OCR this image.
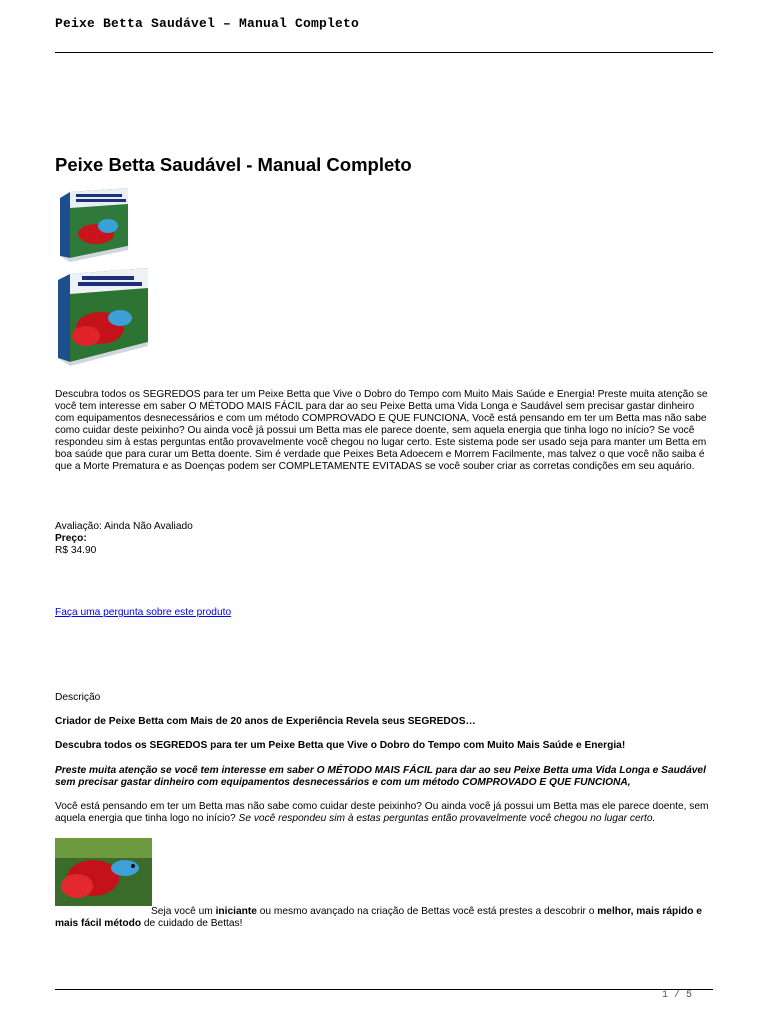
Peixe Betta Saudável – Manual Completo
Peixe Betta Saudável - Manual Completo
Descubra todos os SEGREDOS para ter um Peixe Betta que Vive o Dobro do Tempo com Muito Mais Saúde e Energia! Preste muita atenção se você tem interesse em saber O MÉTODO MAIS FÁCIL para dar ao seu Peixe Betta uma Vida Longa e Saudável sem precisar gastar dinheiro com equipamentos desnecessários e com um método COMPROVADO E QUE FUNCIONA, Você está pensando em ter um Betta mas não sabe como cuidar deste peixinho? Ou ainda você já possui um Betta mas ele parece doente, sem aquela energia que tinha logo no início? Se você respondeu sim à estas perguntas então provavelmente você chegou no lugar certo. Este sistema pode ser usado seja para manter um Betta em boa saúde que para curar um Betta doente. Sim é verdade que Peixes Beta Adoecem e Morrem Facilmente, mas talvez o que você não saiba é que a Morte Prematura e as Doenças podem ser COMPLETAMENTE EVITADAS se você souber criar as corretas condições em seu aquário.
Avaliação: Ainda Não Avaliado
Preço:
R$ 34.90
Faça uma pergunta sobre este produto
Descrição
Criador de Peixe Betta com Mais de 20 anos de Experiência Revela seus SEGREDOS…
Descubra todos os SEGREDOS para ter um Peixe Betta que Vive o Dobro do Tempo com Muito Mais Saúde e Energia!
Preste muita atenção se você tem interesse em saber O MÉTODO MAIS FÁCIL para dar ao seu Peixe Betta uma Vida Longa e Saudável sem precisar gastar dinheiro com equipamentos desnecessários e com um método COMPROVADO E QUE FUNCIONA,
Você está pensando em ter um Betta mas não sabe como cuidar deste peixinho? Ou ainda você já possui um Betta mas ele parece doente, sem aquela energia que tinha logo no início? Se você respondeu sim à estas perguntas então provavelmente você chegou no lugar certo.
Seja você um iniciante ou mesmo avançado na criação de Bettas você está prestes a descobrir o melhor, mais rápido e mais fácil método de cuidado de Bettas!
1 / 5
